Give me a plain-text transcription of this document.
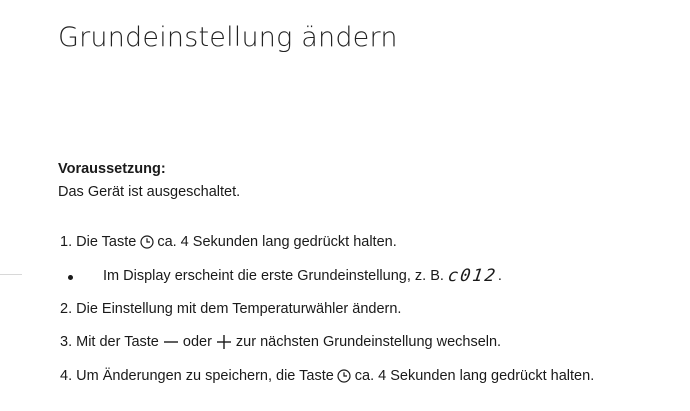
Grundeinstellung ändern
Voraussetzung:
Das Gerät ist ausgeschaltet.
1.
Die Taste ca. 4 Sekunden lang gedrückt halten.
Im Display erscheint die erste Grundeinstellung, z. B. c012 .
2.
Die Einstellung mit dem Temperaturwähler ändern.
3.
Mit der Taste oder zur nächsten Grundeinstellung wechseln.
4.
Um Änderungen zu speichern, die Taste ca. 4 Sekunden lang gedrückt halten.
